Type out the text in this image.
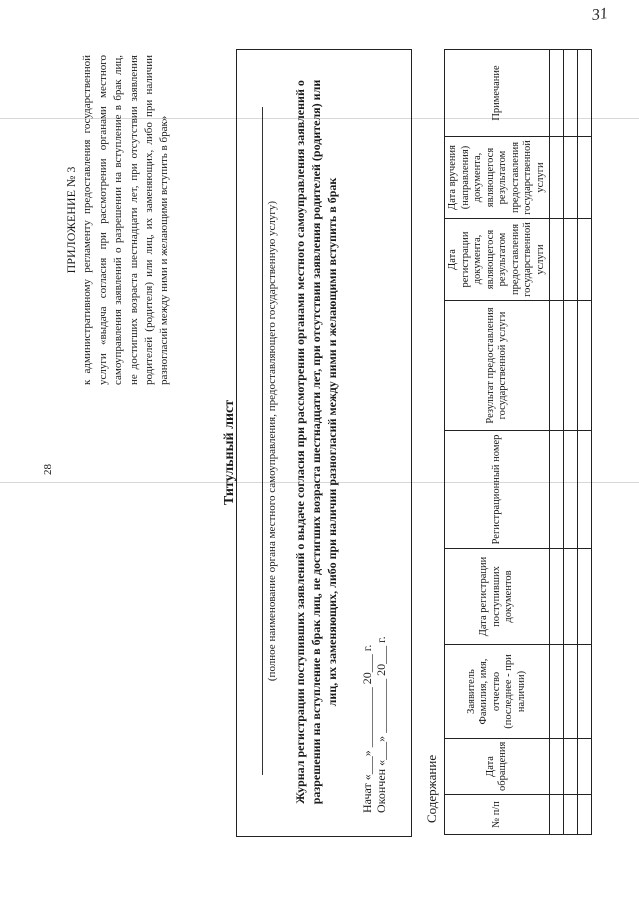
31
28
ПРИЛОЖЕНИЕ № 3 к административному регламенту предоставления государственной услуги «выдача согласия при рассмотрении органами местного самоуправления заявлений о разрешении на вступление в брак лиц, не достигших возраста шестнадцати лет, при отсутствии заявления родителей (родителя) или лиц, их заменяющих, либо при наличии разногласий между ними и желающими вступить в брак»
Титульный лист	(полное наименование органа местного самоуправления, предоставляющего государственную услугу) Журнал регистрации поступивших заявлений о выдаче согласия при рассмотрении органами местного самоуправления заявлений о разрешении на вступление в брак лиц, не достигших возраста шестнадцати лет, при отсутствии заявления родителей (родителя) или лиц, их заменяющих, либо при наличии разногласий между ними и желающими вступить в брак
Начат «___» __________ 20___ г. Окончен «___» _________ 20___ г.	Содержание	№ п/п	Дата обращения	Заявитель Фамилия, имя, отчество (последнее - при наличии)	Дата регистрации поступивших документов	Регистрационный номер	Результат предоставления государственной услуги	Дата регистрации документа, являющегося результатом предоставления государственной услуги	Дата вручения (направления) документа, являющегося результатом предоставления государственной услуги	Примечание
